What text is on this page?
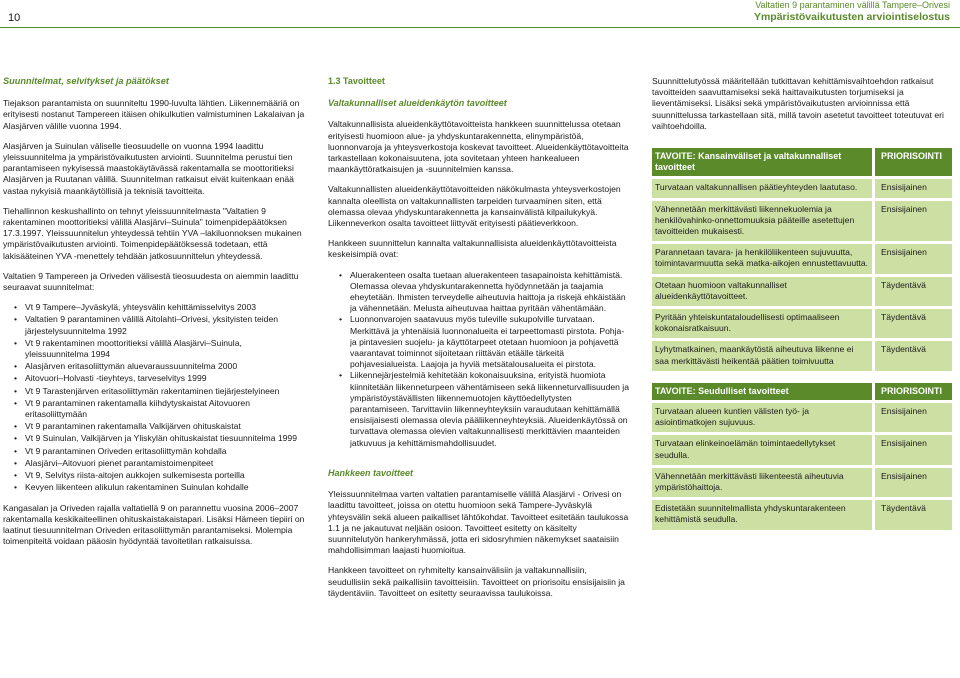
10
Valtatien 9 parantaminen välillä Tampere–Orivesi
Ympäristövaikutusten arviointiselostus
Suunnitelmat, selvitykset ja päätökset

Tiejakson parantamista on suunniteltu 1990-luvulta lähtien. Liikennemääriä on erityisesti nostanut Tampereen itäisen ohikulkutien valmistuminen Lakalaivan ja Alasjärven välille vuonna 1994.

Alasjärven ja Suinulan väliselle tieosuudelle on vuonna 1994 laadittu yleissuunnitelma ja ympäristövaikutusten arviointi. Suunnitelma perustui tien parantamiseen nykyisessä maastokäytävässä rakentamalla se moottoritieksi Alasjärven ja Ruutanan välillä. Suunnitelman ratkaisut eivät kuitenkaan enää vastaa nykyisiä maankäytöllisiä ja teknisiä tavoitteita.

Tiehallinnon keskushallinto on tehnyt yleissuunnitelmasta "Valtatien 9 rakentaminen moottoritieksi välillä Alasjärvi–Suinula" toimenpidepäätöksen 17.3.1997. Yleissuunnitelun yhteydessä tehtiin YVA –lakiluonnoksen mukainen ympäristövaikutusten arviointi. Toimenpidepäätöksessä todetaan, että lakisääteinen YVA -menettely tehdään jatkosuunnittelun yhteydessä.

Valtatien 9 Tampereen ja Oriveden välisestä tieosuudesta on aiemmin laadittu seuraavat suunnitelmat:

• Vt 9 Tampere–Jyväskylä, yhteysvälin kehittämisselvitys 2003
• Valtatien 9 parantaminen välillä Aitolahti–Orivesi, yksityisten teiden järjestelysuunnitelma 1992
• Vt 9 rakentaminen moottoritieksi välillä Alasjärvi–Suinula, yleissuunnitelma 1994
• Alasjärven eritasoliittymän aluevaraussuunnitelma 2000
• Aitovuori–Holvasti -tieyhteys, tarveselvitys 1999
• Vt 9 Tarastenjärven eritasoliittymän rakentaminen tiejärjestelyineen
• Vt 9 parantaminen rakentamalla kiihdytyskaistat Aitovuoren eritasoliittymään
• Vt 9 parantaminen rakentamalla Valkijärven ohituskaistat
• Vt 9 Suinulan, Valkijärven ja Yliskylän ohituskaistat tiesuunnitelma 1999
• Vt 9 parantaminen Oriveden eritasoliittymän kohdalla
• Alasjärvi–Aitovuori pienet parantamistoimenpiteet
• Vt 9, Selvitys riista-aitojen aukkojen sulkemisesta porteilla
• Kevyen liikenteen alikulun rakentaminen Suinulan kohdalle

Kangasalan ja Oriveden rajalla valtatiellä 9 on parannettu vuosina 2006–2007 rakentamalla keskikaiteellinen ohituskaistakaistapari. Lisäksi Hämeen tiepiiri on laatinut tiesuunnitelman Oriveden eritasoliittymän parantamiseksi. Molempia toimenpiteitä voidaan pääosin hyödyntää tavoitetilan ratkaisuissa.

1.3 Tavoitteet
Valtakunnalliset alueidenkäytön tavoitteet

Valtakunnallisista alueidenkäyttötavoitteista hankkeen suunnittelussa otetaan erityisesti huomioon alue- ja yhdyskuntarakennetta, elinympäristöä, luonnonvaroja ja yhteysverkostoja koskevat tavoitteet. Alueidenkäyttötavoitteita tarkastellaan kokonaisuutena, jota sovitetaan yhteen hankealueen maankäyttöratkaisujen ja -suunnitelmien kanssa.

Valtakunnallisten alueidenkäyttötavoitteiden näkökulmasta yhteysverkostojen kannalta oleellista on valtakunnallisten tarpeiden turvaaminen siten, että olemassa olevaa yhdyskuntarakennetta ja kansainvälistä kilpailukykyä. Liikenneverkon osalta tavoitteet liittyvät erityisesti päätieverkkoon.

Hankkeen suunnittelun kannalta valtakunnallisista alueidenkäyttötavoitteista keskeisimpiä ovat:

• Aluerakenteen osalta tuetaan aluerakenteen tasapainoista kehittämistä. Olemassa olevaa yhdyskuntarakennetta hyödynnetään ja taajamia eheytetään. Ihmisten terveydelle aiheutuvia haittoja ja riskejä ehkäistään ja vähennetään. Melusta aiheutuvaa haittaa pyritään vähentämään.
• Luonnonvarojen saatavuus myös tuleville sukupolville turvataan. Merkittävä ja yhtenäisiä luonnonalueita ei tarpeettomasti pirstota. Pohja- ja pintavesien suojelu- ja käyttötarpeet otetaan huomioon ja pohjavettä vaarantavat toiminnot sijoitetaan riittävän etäälle tärkeitä pohjavesialueista. Laajoja ja hyviä metsätalousalueita ei pirstota.
• Liikennejärjestelmiä kehitetään kokonaisuuksina, erityistä huomiota kiinnitetään liikenneturpeen vähentämiseen sekä liikenneturvallisuuden ja ympäristöystävällisten liikennemuotojen käyttöedellytysten parantamiseen. Tarvittaviin liikenneyhteyksiin varaudutaan kehittämällä ensisijaisesti olemassa olevia pääliikenneyhteyksiä. Alueidenkäytössä on turvattava olemassa olevien valtakunnallisesti merkittävien maanteiden jatkuvuus ja kehittämismahdollisuudet.
Hankkeen tavoitteet

Yleissuunnitelmaa varten valtatien parantamiselle välillä Alasjärvi - Orivesi on laadittu tavoitteet, joissa on otettu huomioon sekä Tampere-Jyväskylä yhteysvälin sekä alueen paikalliset lähtökohdat. Tavoitteet esitetään taulukossa 1.1 ja ne jakautuvat neljään osioon. Tavoitteet esitetty on käsitelty suunnitelutyön hankeryhmässä, jotta eri sidosryhmien näkemykset saataisiin mahdollisimman laajasti huomioitua.

Hankkeen tavoitteet on ryhmitelty kansainvälisiin ja valtakunnallisiin, seudullisiin sekä paikallisiin tavoitteisiin. Tavoitteet on priorisoitu ensisijaisiin ja täydentäviin. Tavoitteet on esitetty seuraavissa taulukoissa.

Suunnittelutyössä määritellään tutkittavan kehittämisvaihtoehdon ratkaisut tavoitteiden saavuttamiseksi sekä haittavaikutusten torjumiseksi ja lieventämiseksi. Lisäksi sekä ympäristövaikutusten arvioinnissa että suunnittelussa tarkastellaan sitä, millä tavoin asetetut tavoitteet toteutuvat eri vaihtoehdoilla.

TAVOITE: Kansainväliset ja valtakunnalliset tavoitteet	PRIORISOINTI
Turvataan valtakunnallisen päätieyhteyden laatutaso.	Ensisijainen
Vähennetään merkittävästi liikennekuolemia ja henkilövahinko-onnettomuuksia pääteille asetettujen tavoitteiden mukaisesti.	Ensisijainen
Parannetaan tavara- ja henkilöliikenteen sujuvuutta, toimintavarmuutta sekä matka-aikojen ennustettavuutta.	Ensisijainen
Otetaan huomioon valtakunnalliset alueidenkäyttötavoitteet.	Täydentävä
Pyritään yhteiskuntataloudellisesti optimaaliseen kokonaisratkaisuun.	Täydentävä
Lyhytmatkainen, maankäytöstä aiheutuva liikenne ei saa merkittävästi heikentää päätien toimivuutta	Täydentävä
TAVOITE: Seudulliset tavoitteet	PRIORISOINTI
Turvataan alueen kuntien välisten työ- ja asiointimatkojen sujuvuus.	Ensisijainen
Turvataan elinkeinoelämän toimintaedellytykset seudulla.	Ensisijainen
Vähennetään merkittävästi liikenteestä aiheutuvia ympäristöhaittoja.	Ensisijainen
Edistetään suunnitelmallista yhdyskuntarakenteen kehittämistä seudulla.	Täydentävä
